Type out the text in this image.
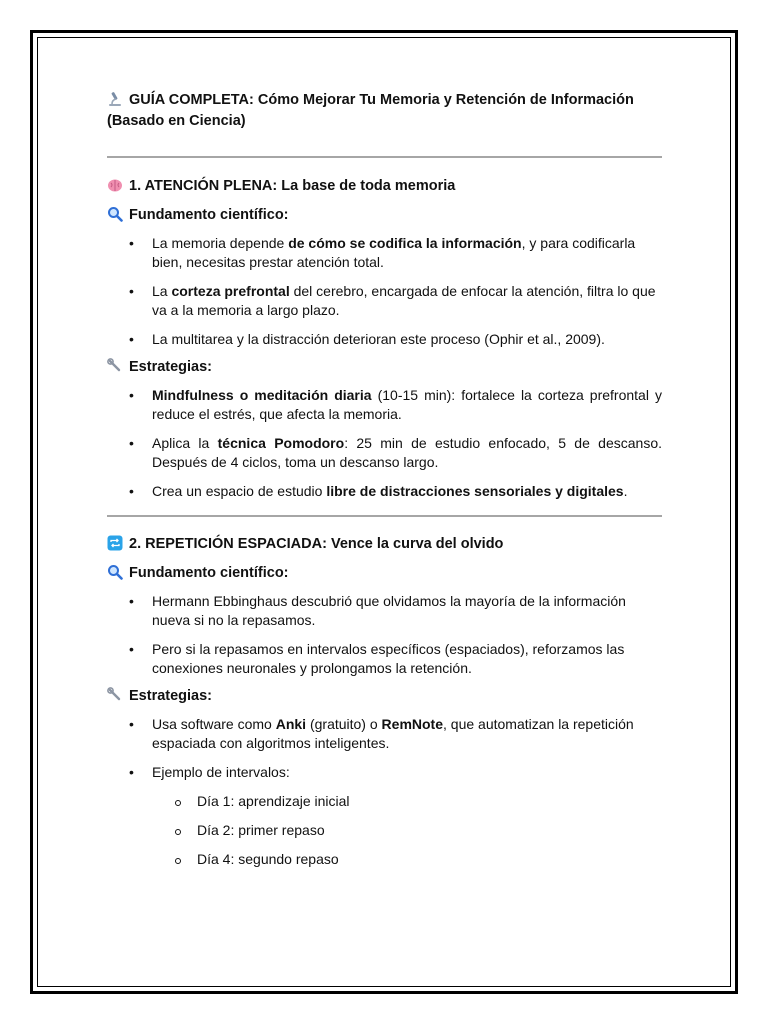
GUÍA COMPLETA: Cómo Mejorar Tu Memoria y Retención de Información
(Basado en Ciencia)
1. ATENCIÓN PLENA: La base de toda memoria
Fundamento científico:
• La memoria depende de cómo se codifica la información, y para codificarla bien, necesitas prestar atención total.
• La corteza prefrontal del cerebro, encargada de enfocar la atención, filtra lo que va a la memoria a largo plazo.
• La multitarea y la distracción deterioran este proceso (Ophir et al., 2009).
Estrategias:
• Mindfulness o meditación diaria (10-15 min): fortalece la corteza prefrontal y reduce el estrés, que afecta la memoria.
• Aplica la técnica Pomodoro: 25 min de estudio enfocado, 5 de descanso. Después de 4 ciclos, toma un descanso largo.
• Crea un espacio de estudio libre de distracciones sensoriales y digitales.
2. REPETICIÓN ESPACIADA: Vence la curva del olvido
Fundamento científico:
• Hermann Ebbinghaus descubrió que olvidamos la mayoría de la información nueva si no la repasamos.
• Pero si la repasamos en intervalos específicos (espaciados), reforzamos las conexiones neuronales y prolongamos la retención.
Estrategias:
• Usa software como Anki (gratuito) o RemNote, que automatizan la repetición espaciada con algoritmos inteligentes.
• Ejemplo de intervalos:
Día 1: aprendizaje inicial
Día 2: primer repaso
Día 4: segundo repaso
